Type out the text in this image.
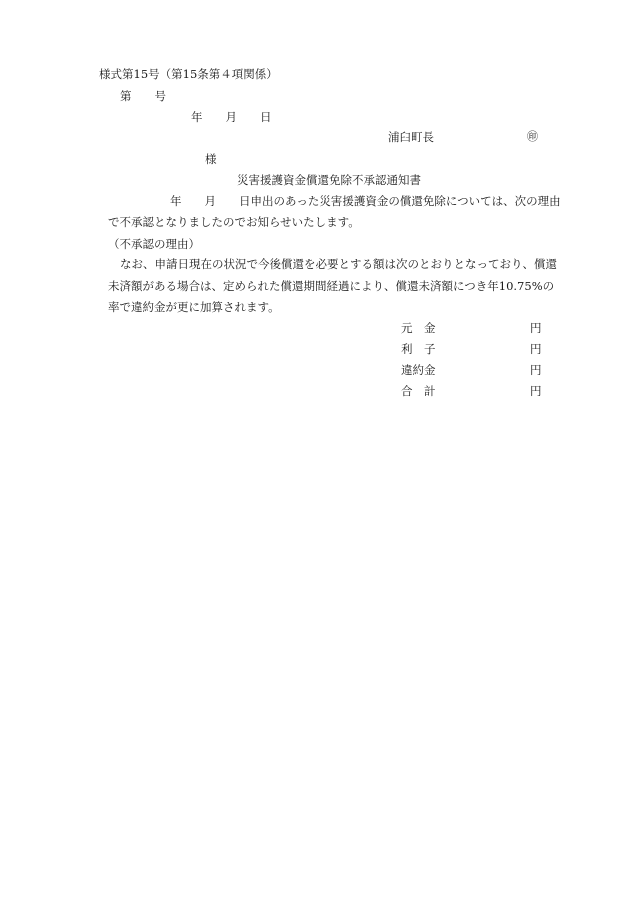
様式第15号（第15条第４項関係）
第　　号
年　　月　　日
浦臼町長	㊞
様
災害援護資金償還免除不承認通知書
年　　月　　日申出のあった災害援護資金の償還免除については、次の理由
で不承認となりましたのでお知らせいたします。
（不承認の理由）
なお、申請日現在の状況で今後償還を必要とする額は次のとおりとなっており、償還
未済額がある場合は、定められた償還期間経過により、償還未済額につき年10.75%の
率で違約金が更に加算されます。
元　金	円
利　子	円
違約金	円
合　計	円
